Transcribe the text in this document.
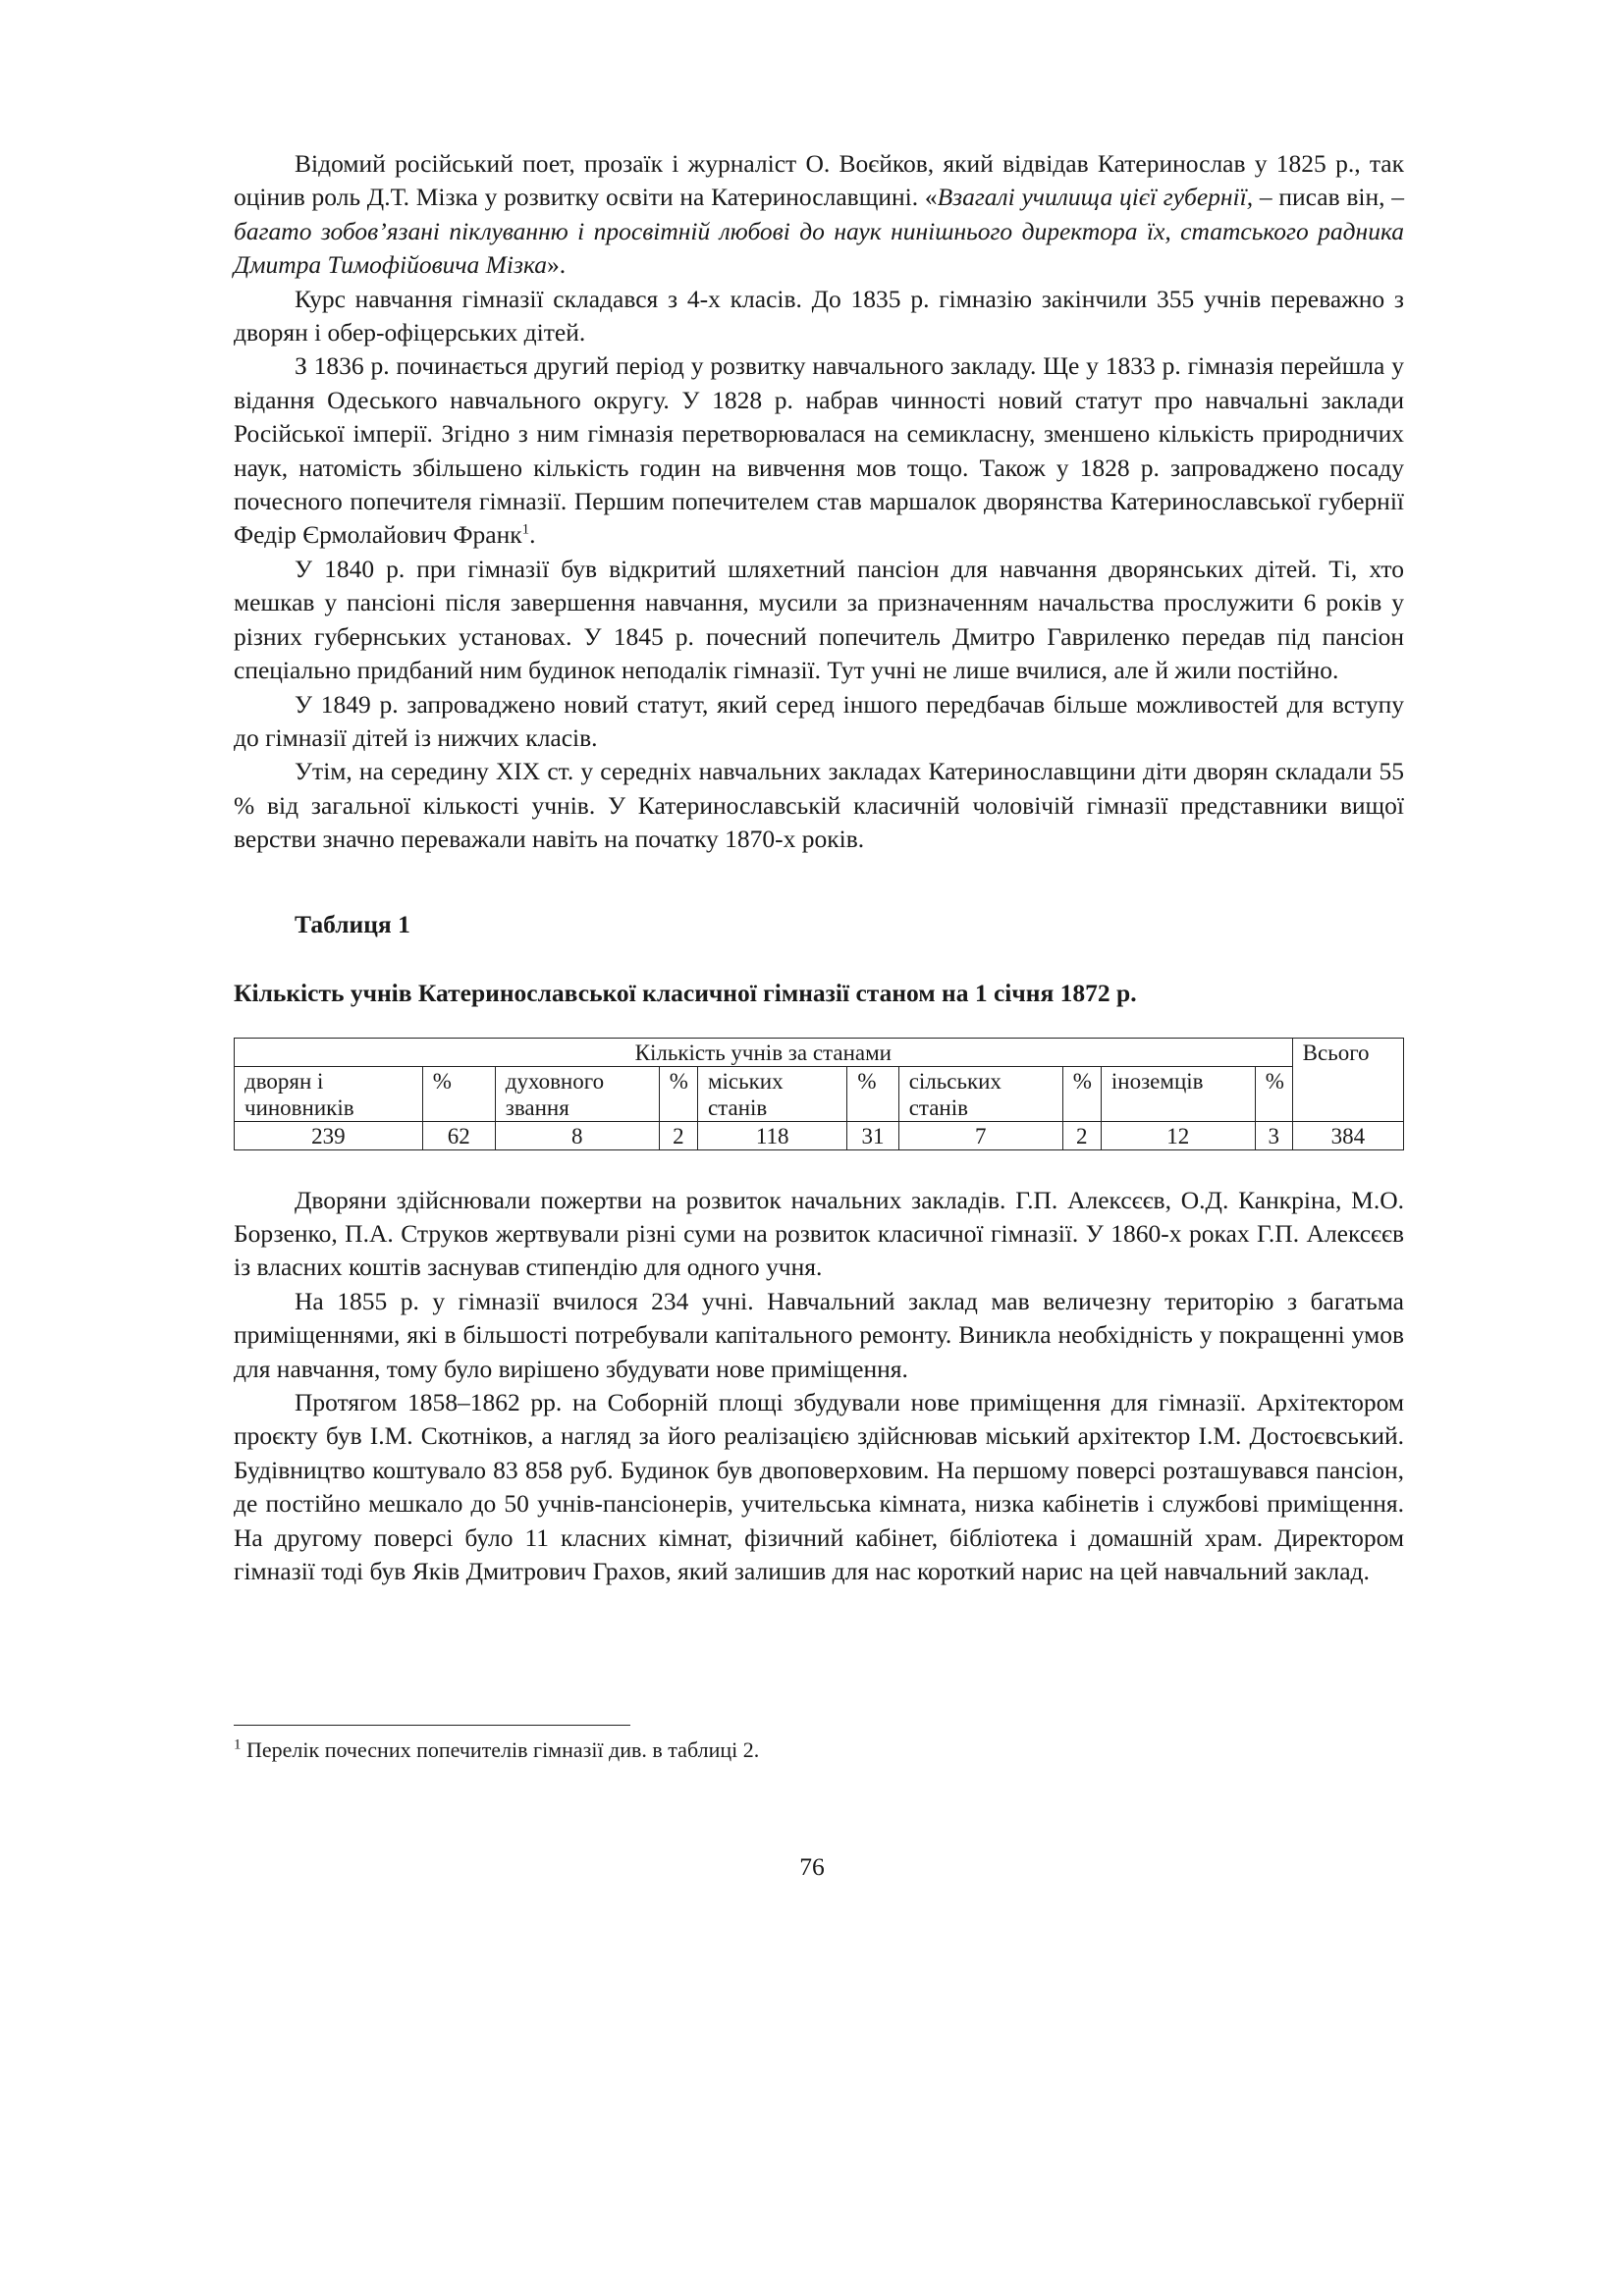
Відомий російський поет, прозаїк і журналіст О. Воєйков, який відвідав Катеринослав у 1825 р., так оцінив роль Д.Т. Мізка у розвитку освіти на Катеринославщині. «Взагалі училища цієї губернії, – писав він, – багато зобов’язані піклуванню і просвітній любові до наук нинішнього директора їх, статського радника Дмитра Тимофійовича Мізка».

Курс навчання гімназії складався з 4-х класів. До 1835 р. гімназію закінчили 355 учнів переважно з дворян і обер-офіцерських дітей.

З 1836 р. починається другий період у розвитку навчального закладу. Ще у 1833 р. гімназія перейшла у відання Одеського навчального округу. У 1828 р. набрав чинності новий статут про навчальні заклади Російської імперії. Згідно з ним гімназія перетворювалася на семикласну, зменшено кількість природничих наук, натомість збільшено кількість годин на вивчення мов тощо. Також у 1828 р. запроваджено посаду почесного попечителя гімназії. Першим попечителем став маршалок дворянства Катеринославської губернії Федір Єрмолайович Франк$^1$.

У 1840 р. при гімназії був відкритий шляхетний пансіон для навчання дворянських дітей. Ті, хто мешкав у пансіоні після завершення навчання, мусили за призначенням начальства прослужити 6 років у різних губернських установах. У 1845 р. почесний попечитель Дмитро Гавриленко передав під пансіон спеціально придбаний ним будинок неподалік гімназії. Тут учні не лише вчилися, але й жили постійно.

У 1849 р. запроваджено новий статут, який серед іншого передбачав більше можливостей для вступу до гімназії дітей із нижчих класів.

Утім, на середину XIX ст. у середніх навчальних закладах Катеринославщини діти дворян складали 55 % від загальної кількості учнів. У Катеринославській класичній чоловічій гімназії представники вищої верстви значно переважали навіть на початку 1870-х років.

Таблиця 1
Кількість учнів Катеринославської класичної гімназії станом на 1 січня 1872 р.
Кількість учнів за станами										Всього
дворян і чиновників	%	духовного звання	%	міських станів	%	сільських станів	%	іноземців	%	
239	62	8	2	118	31	7	2	12	3	384

Дворяни здійснювали пожертви на розвиток начальних закладів. Г.П. Алексєєв, О.Д. Канкріна, М.О. Борзенко, П.А. Струков жертвували різні суми на розвиток класичної гімназії. У 1860-х роках Г.П. Алексєєв із власних коштів заснував стипендію для одного учня.

На 1855 р. у гімназії вчилося 234 учні. Навчальний заклад мав величезну територію з багатьма приміщеннями, які в більшості потребували капітального ремонту. Виникла необхідність у покращенні умов для навчання, тому було вирішено збудувати нове приміщення.

Протягом 1858–1862 рр. на Соборній площі збудували нове приміщення для гімназії. Архітектором проєкту був І.М. Скотніков, а нагляд за його реалізацією здійснював міський архітектор І.М. Достоєвський. Будівництво коштувало 83 858 руб. Будинок був двоповерховим. На першому поверсі розташувався пансіон, де постійно мешкало до 50 учнів-пансіонерів, учительська кімната, низка кабінетів і службові приміщення. На другому поверсі було 11 класних кімнат, фізичний кабінет, бібліотека і домашній храм. Директором гімназії тоді був Яків Дмитрович Грахов, який залишив для нас короткий нарис на цей навчальний заклад.

$^1$ Перелік почесних попечителів гімназії див. в таблиці 2.
76
